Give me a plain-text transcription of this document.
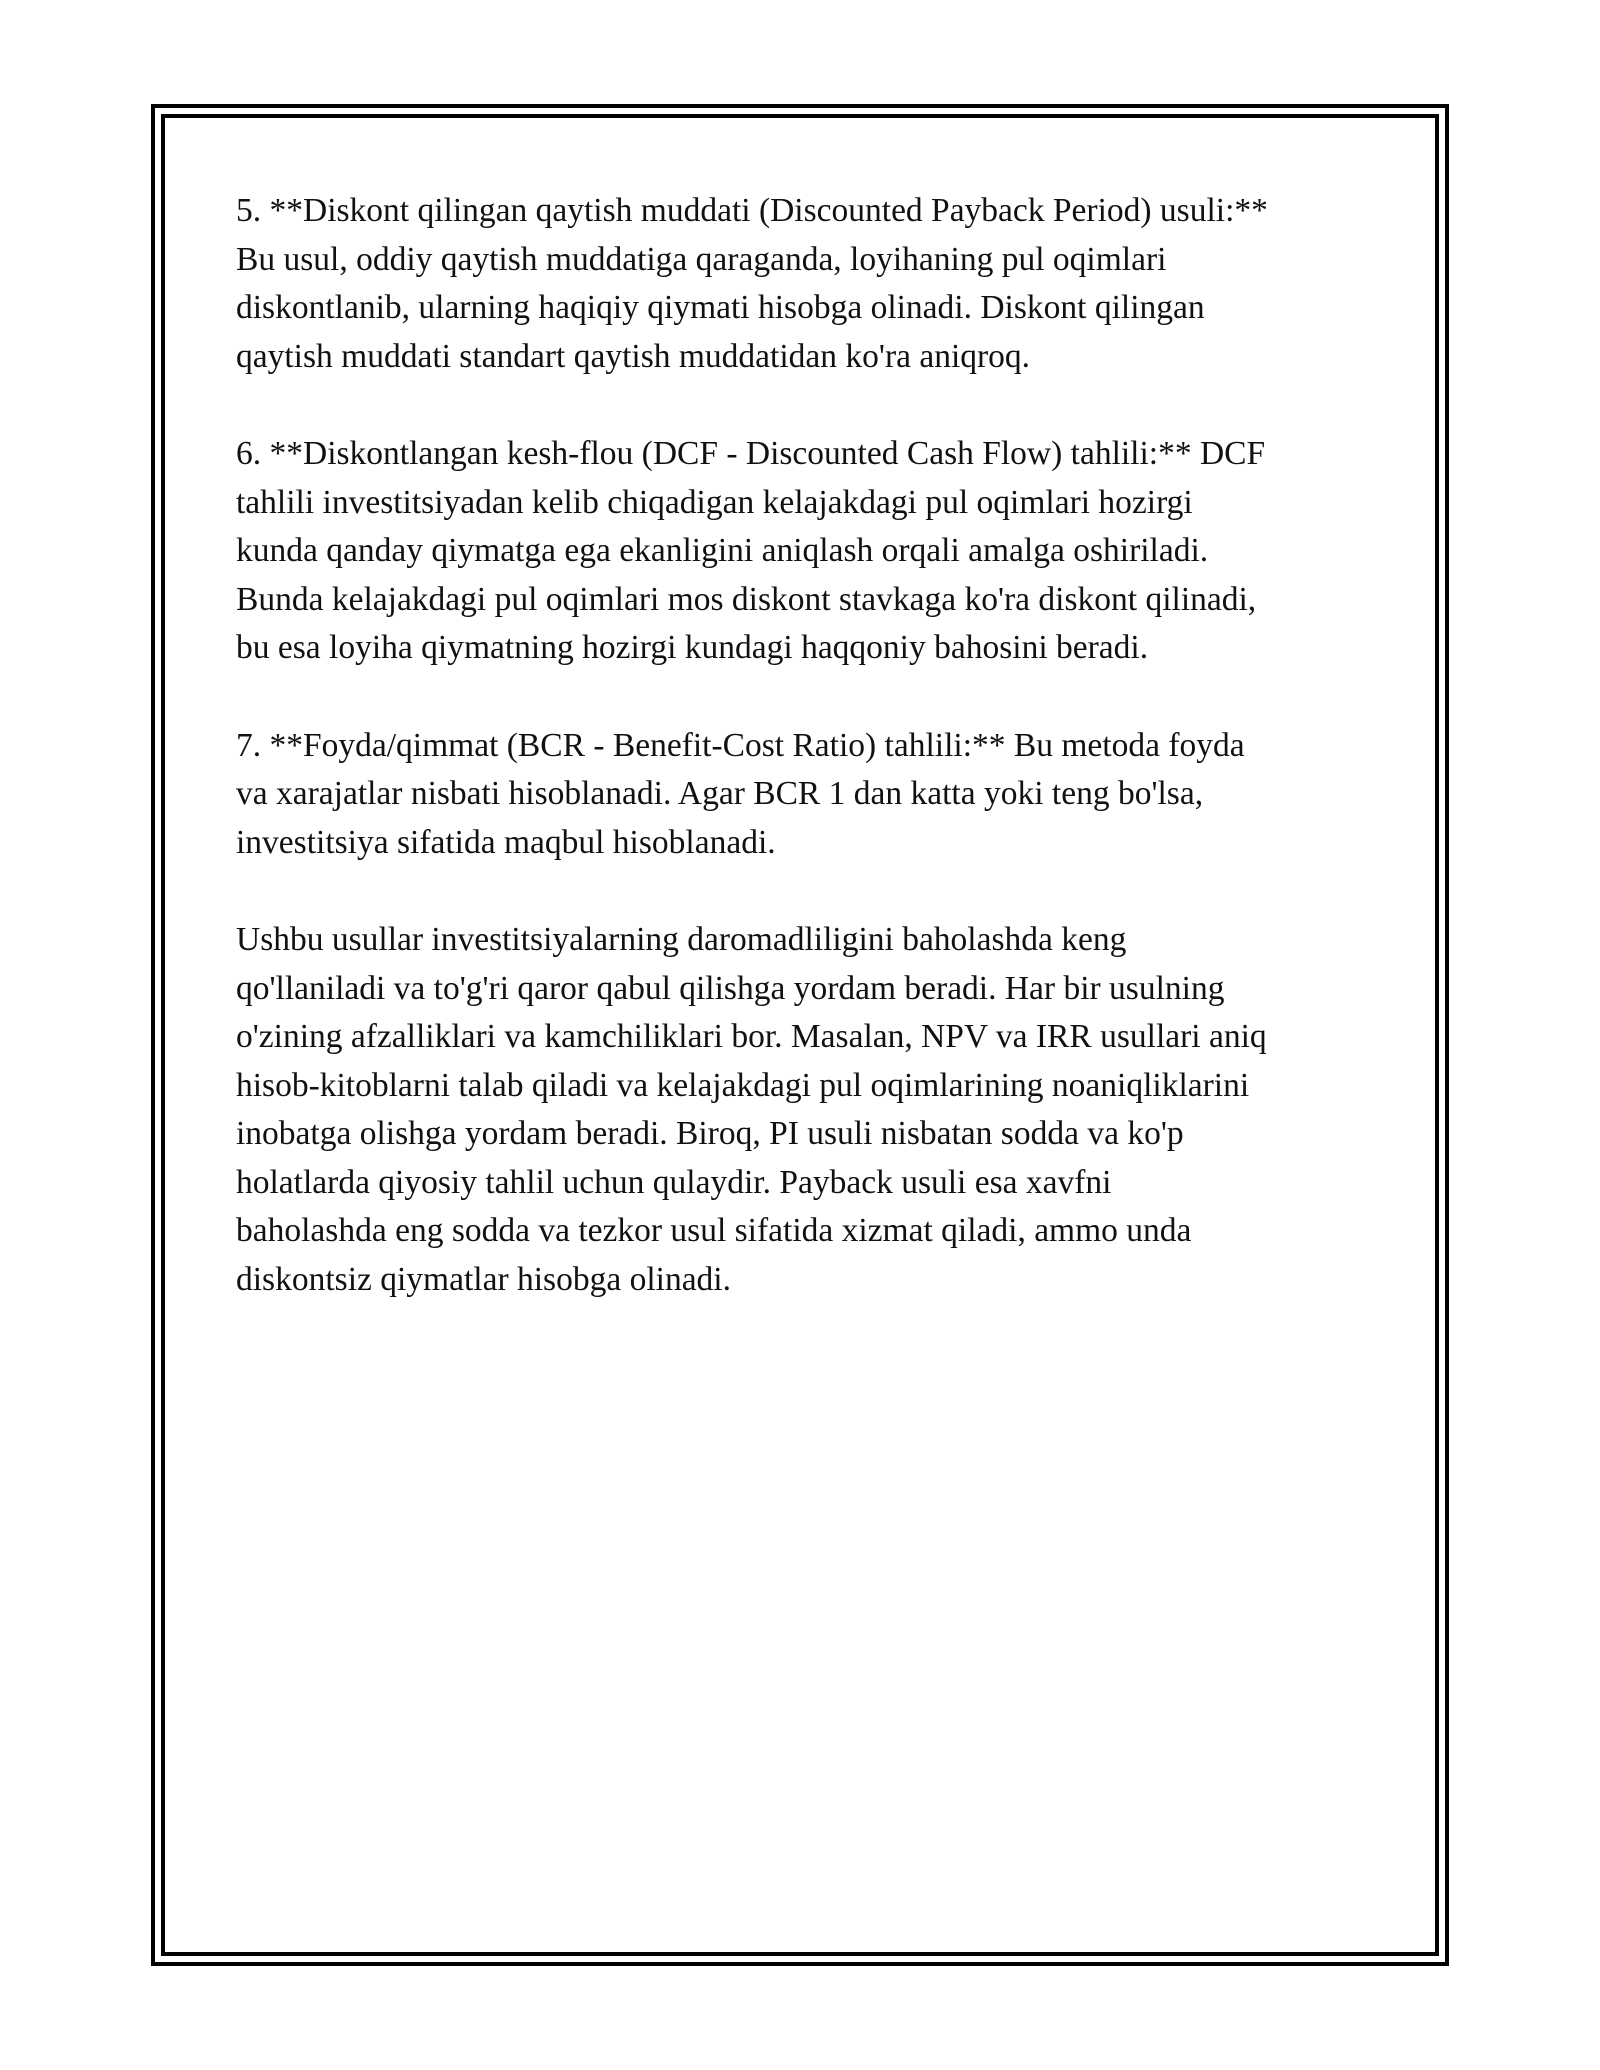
5. **Diskont qilingan qaytish muddati (Discounted Payback Period) usuli:**
Bu usul, oddiy qaytish muddatiga qaraganda, loyihaning pul oqimlari
diskontlanib, ularning haqiqiy qiymati hisobga olinadi. Diskont qilingan
qaytish muddati standart qaytish muddatidan ko'ra aniqroq.

6. **Diskontlangan kesh-flou (DCF - Discounted Cash Flow) tahlili:** DCF
tahlili investitsiyadan kelib chiqadigan kelajakdagi pul oqimlari hozirgi
kunda qanday qiymatga ega ekanligini aniqlash orqali amalga oshiriladi.
Bunda kelajakdagi pul oqimlari mos diskont stavkaga ko'ra diskont qilinadi,
bu esa loyiha qiymatning hozirgi kundagi haqqoniy bahosini beradi.

7. **Foyda/qimmat (BCR - Benefit-Cost Ratio) tahlili:** Bu metoda foyda
va xarajatlar nisbati hisoblanadi. Agar BCR 1 dan katta yoki teng bo'lsa,
investitsiya sifatida maqbul hisoblanadi.

Ushbu usullar investitsiyalarning daromadliligini baholashda keng
qo'llaniladi va to'g'ri qaror qabul qilishga yordam beradi. Har bir usulning
o'zining afzalliklari va kamchiliklari bor. Masalan, NPV va IRR usullari aniq
hisob-kitoblarni talab qiladi va kelajakdagi pul oqimlarining noaniqliklarini
inobatga olishga yordam beradi. Biroq, PI usuli nisbatan sodda va ko'p
holatlarda qiyosiy tahlil uchun qulaydir. Payback usuli esa xavfni
baholashda eng sodda va tezkor usul sifatida xizmat qiladi, ammo unda
diskontsiz qiymatlar hisobga olinadi.
